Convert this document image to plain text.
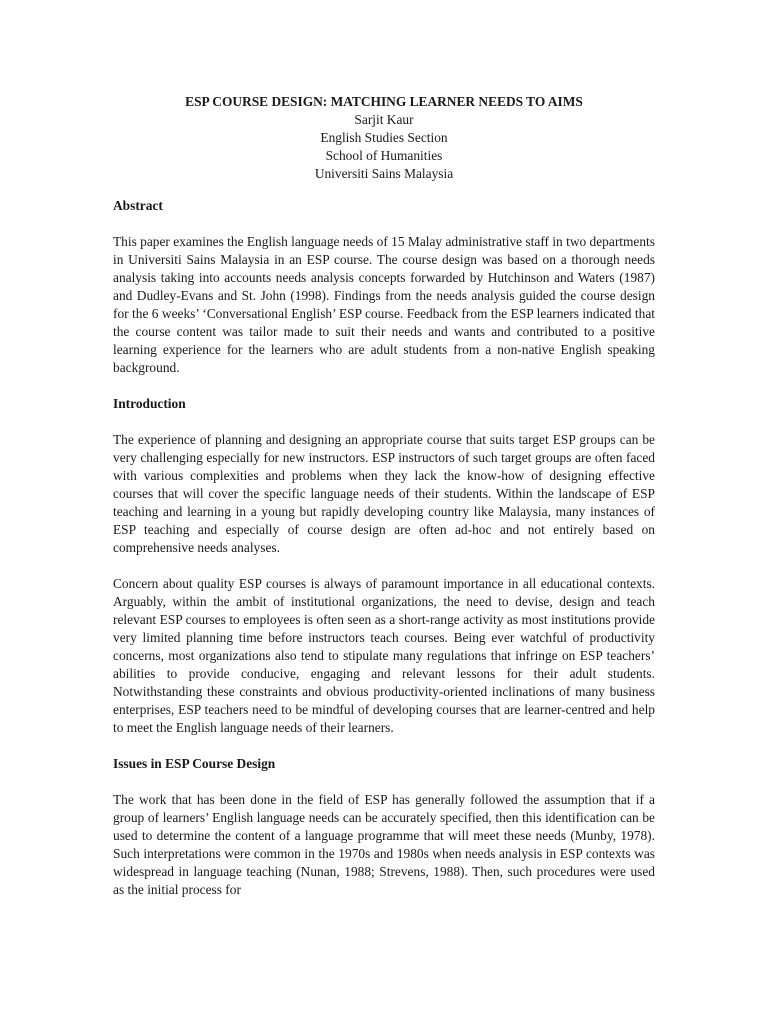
ESP COURSE DESIGN: MATCHING LEARNER NEEDS TO AIMS
Sarjit Kaur
English Studies Section
School of Humanities
Universiti Sains Malaysia
Abstract

This paper examines the English language needs of 15 Malay administrative staff in two departments in Universiti Sains Malaysia in an ESP course. The course design was based on a thorough needs analysis taking into accounts needs analysis concepts forwarded by Hutchinson and Waters (1987) and Dudley-Evans and St. John (1998). Findings from the needs analysis guided the course design for the 6 weeks’ ‘Conversational English’ ESP course. Feedback from the ESP learners indicated that the course content was tailor made to suit their needs and wants and contributed to a positive learning experience for the learners who are adult students from a non-native English speaking background.

Introduction

The experience of planning and designing an appropriate course that suits target ESP groups can be very challenging especially for new instructors. ESP instructors of such target groups are often faced with various complexities and problems when they lack the know-how of designing effective courses that will cover the specific language needs of their students. Within the landscape of ESP teaching and learning in a young but rapidly developing country like Malaysia, many instances of ESP teaching and especially of course design are often ad-hoc and not entirely based on comprehensive needs analyses.

Concern about quality ESP courses is always of paramount importance in all educational contexts. Arguably, within the ambit of institutional organizations, the need to devise, design and teach relevant ESP courses to employees is often seen as a short-range activity as most institutions provide very limited planning time before instructors teach courses. Being ever watchful of productivity concerns, most organizations also tend to stipulate many regulations that infringe on ESP teachers’ abilities to provide conducive, engaging and relevant lessons for their adult students. Notwithstanding these constraints and obvious productivity-oriented inclinations of many business enterprises, ESP teachers need to be mindful of developing courses that are learner-centred and help to meet the English language needs of their learners.

Issues in ESP Course Design

The work that has been done in the field of ESP has generally followed the assumption that if a group of learners’ English language needs can be accurately specified, then this identification can be used to determine the content of a language programme that will meet these needs (Munby, 1978). Such interpretations were common in the 1970s and 1980s when needs analysis in ESP contexts was widespread in language teaching (Nunan, 1988; Strevens, 1988). Then, such procedures were used as the initial process for
